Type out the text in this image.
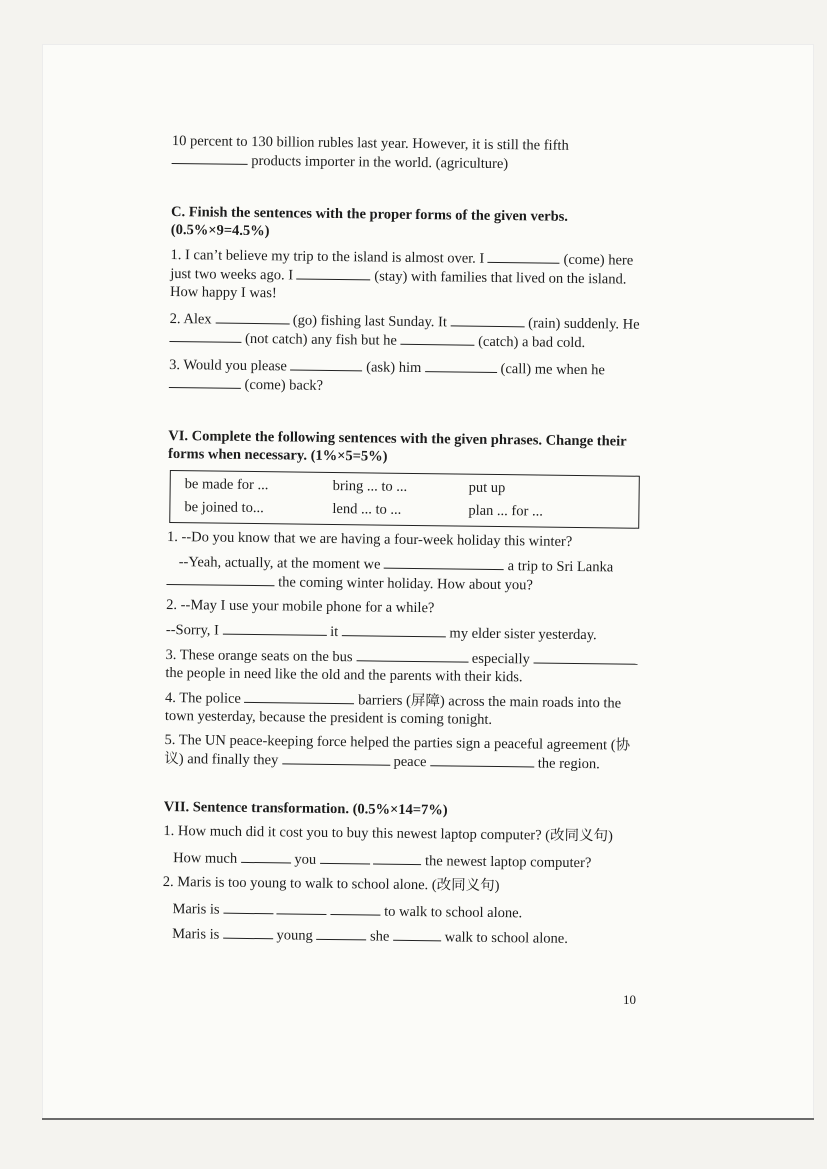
10 percent to 130 billion rubles last year. However, it is still the fifth

products importer in the world. (agriculture)

C. Finish the sentences with the proper forms of the given verbs.

(0.5%×9=4.5%)

1. I can’t believe my trip to the island is almost over. I	(come) here

just two weeks ago. I	(stay) with families that lived on the island.

How happy I was!

2. Alex	(go) fishing last Sunday. It	(rain) suddenly. He

(not catch) any fish but he	(catch) a bad cold.

3. Would you please	(ask) him	(call) me when he

(come) back?

VI. Complete the following sentences with the given phrases. Change their

forms when necessary. (1%×5=5%)

be made for ...	bring ... to ...	put up
be joined to...	lend ... to ...	plan ... for ...

1. --Do you know that we are having a four-week holiday this winter?

--Yeah, actually, at the moment we	a trip to Sri Lanka

the coming winter holiday. How about you?

2. --May I use your mobile phone for a while?

--Sorry, I	it	my elder sister yesterday.

3. These orange seats on the bus	especially

the people in need like the old and the parents with their kids.

4. The police	barriers (屏障) across the main roads into the

town yesterday, because the president is coming tonight.

5. The UN peace-keeping force helped the parties sign a peaceful agreement (协

议) and finally they	peace	the region.

VII. Sentence transformation. (0.5%×14=7%)

1. How much did it cost you to buy this newest laptop computer? (改同义句)

How much	you	the newest laptop computer?

2. Maris is too young to walk to school alone. (改同义句)

Maris is	to walk to school alone.

Maris is	young	she	walk to school alone.

10
